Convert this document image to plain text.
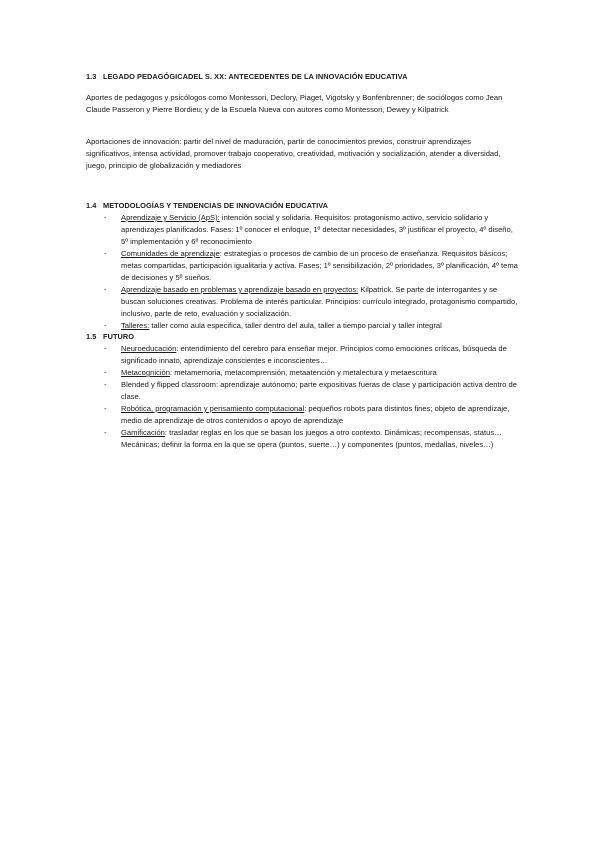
1.3 LEGADO PEDAGÓGICADEL S. XX: ANTECEDENTES DE LA INNOVACIÓN EDUCATIVA
Aportes de pedagogos y psicólogos como Montessori, Declory, Piaget, Vigotsky y Bonfenbrenner; de sociólogos como Jean Claude Passeron y Pierre Bordieu; y de la Escuela Nueva con autores como Montessori, Dewey y Kilpatrick
Aportaciones de innovación: partir del nivel de maduración, partir de conocimientos previos, construir aprendizajes significativos, intensa actividad, promover trabajo cooperativo, creatividad, motivación y socialización, atender a diversidad, juego, principio de globalización y mediadores
1.4 METODOLOGÍAS Y TENDENCIAS DE INNOVACIÓN EDUCATIVA
- Aprendizaje y Servicio (ApS): intención social y solidaria. Requisitos: protagonismo activo, servicio solidario y aprendizajes planificados. Fases: 1º conocer el enfoque, 1º detectar necesidades, 3º justificar el proyecto, 4º diseño, 5º implementación y 6º reconocimiento
- Comunidades de aprendizaje: estrategias o procesos de cambio de un proceso de enseñanza. Requisitos básicos; metas compartidas, participación igualitaria y activa. Fases; 1º sensibilización, 2º prioridades, 3º planificación, 4º tema de decisiones y 5º sueños.
- Aprendizaje basado en problemas y aprendizaje basado en proyectos: Kilpatrick. Se parte de interrogantes y se buscan soluciones creativas. Problema de interés particular. Principios: currículo integrado, protagonismo compartido, inclusivo, parte de reto, evaluación y socialización.
- Talleres: taller como aula especifica, taller dentro del aula, taller a tiempo parcial y taller integral
1.5 FUTURO
- Neuroeducación: entendimiento del cerebro para enseñar mejor. Principios como emociones críticas, búsqueda de significado innato, aprendizaje conscientes e inconscientes…
- Metacognición: metamemoria, metacomprensión, metaatención y metalectura y metaescritura
- Blended y flipped classroom: aprendizaje autónomo; parte expositivas fueras de clase y participación activa dentro de clase.
- Robótica, programación y pensamiento computacional: pequeños robots para distintos fines; objeto de aprendizaje, medio de aprendizaje de otros contenidos o apoyo de aprendizaje
- Gamificación: trasladar reglas en los que se basan los juegos a otro contexto. Dinámicas; recompensas, status… Mecánicas; definir la forma en la que se opera (puntos, suerte…) y componentes (puntos, medallas, niveles…)
